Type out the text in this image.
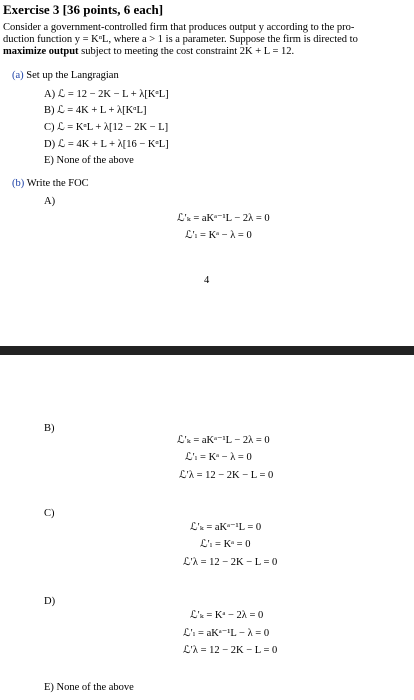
Exercise 3 [36 points, 6 each]
Consider a government-controlled firm that produces output y according to the pro-
duction function y = KᵅL, where a > 1 is a parameter. Suppose the firm is directed to
maximize output subject to meeting the cost constraint 2K + L = 12.
(a) Set up the Langragian
A) ℒ = 12 − 2K − L + λ[KᵅL]
B) ℒ = 4K + L + λ[KᵅL]
C) ℒ = KᵅL + λ[12 − 2K − L]
D) ℒ = 4K + L + λ[16 − KᵅL]
E) None of the above
(b) Write the FOC
A)
ℒ′ₖ = aKᵃ⁻¹L − 2λ = 0
ℒ′ₗ = Kᵃ − λ = 0
4
B)
ℒ′ₖ = aKᵃ⁻¹L − 2λ = 0
ℒ′ₗ = Kᵃ − λ = 0
ℒ′λ = 12 − 2K − L = 0
C)
ℒ′ₖ = aKᵃ⁻¹L = 0
ℒ′ₗ = Kᵃ = 0
ℒ′λ = 12 − 2K − L = 0
D)
ℒ′ₖ = Kᵃ − 2λ = 0
ℒ′ₗ = aKᵃ⁻¹L − λ = 0
ℒ′λ = 12 − 2K − L = 0
E) None of the above
